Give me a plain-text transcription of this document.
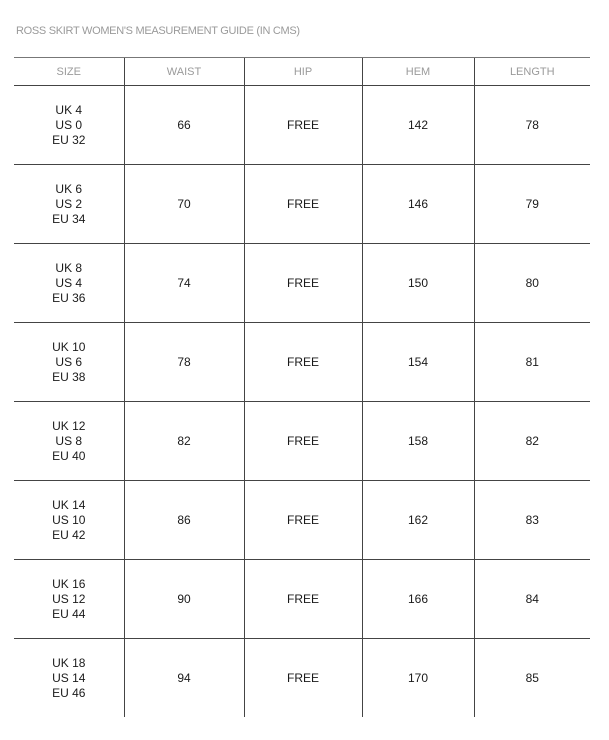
ROSS SKIRT WOMEN'S MEASUREMENT GUIDE (IN CMS)
SIZE	WAIST	HIP	HEM	LENGTH

UK 4
US 0
EU 32	66	FREE	142	78

UK 6
US 2
EU 34	70	FREE	146	79

UK 8
US 4
EU 36	74	FREE	150	80

UK 10
US 6
EU 38	78	FREE	154	81

UK 12
US 8
EU 40	82	FREE	158	82

UK 14
US 10
EU 42	86	FREE	162	83

UK 16
US 12
EU 44	90	FREE	166	84

UK 18
US 14
EU 46	94	FREE	170	85
